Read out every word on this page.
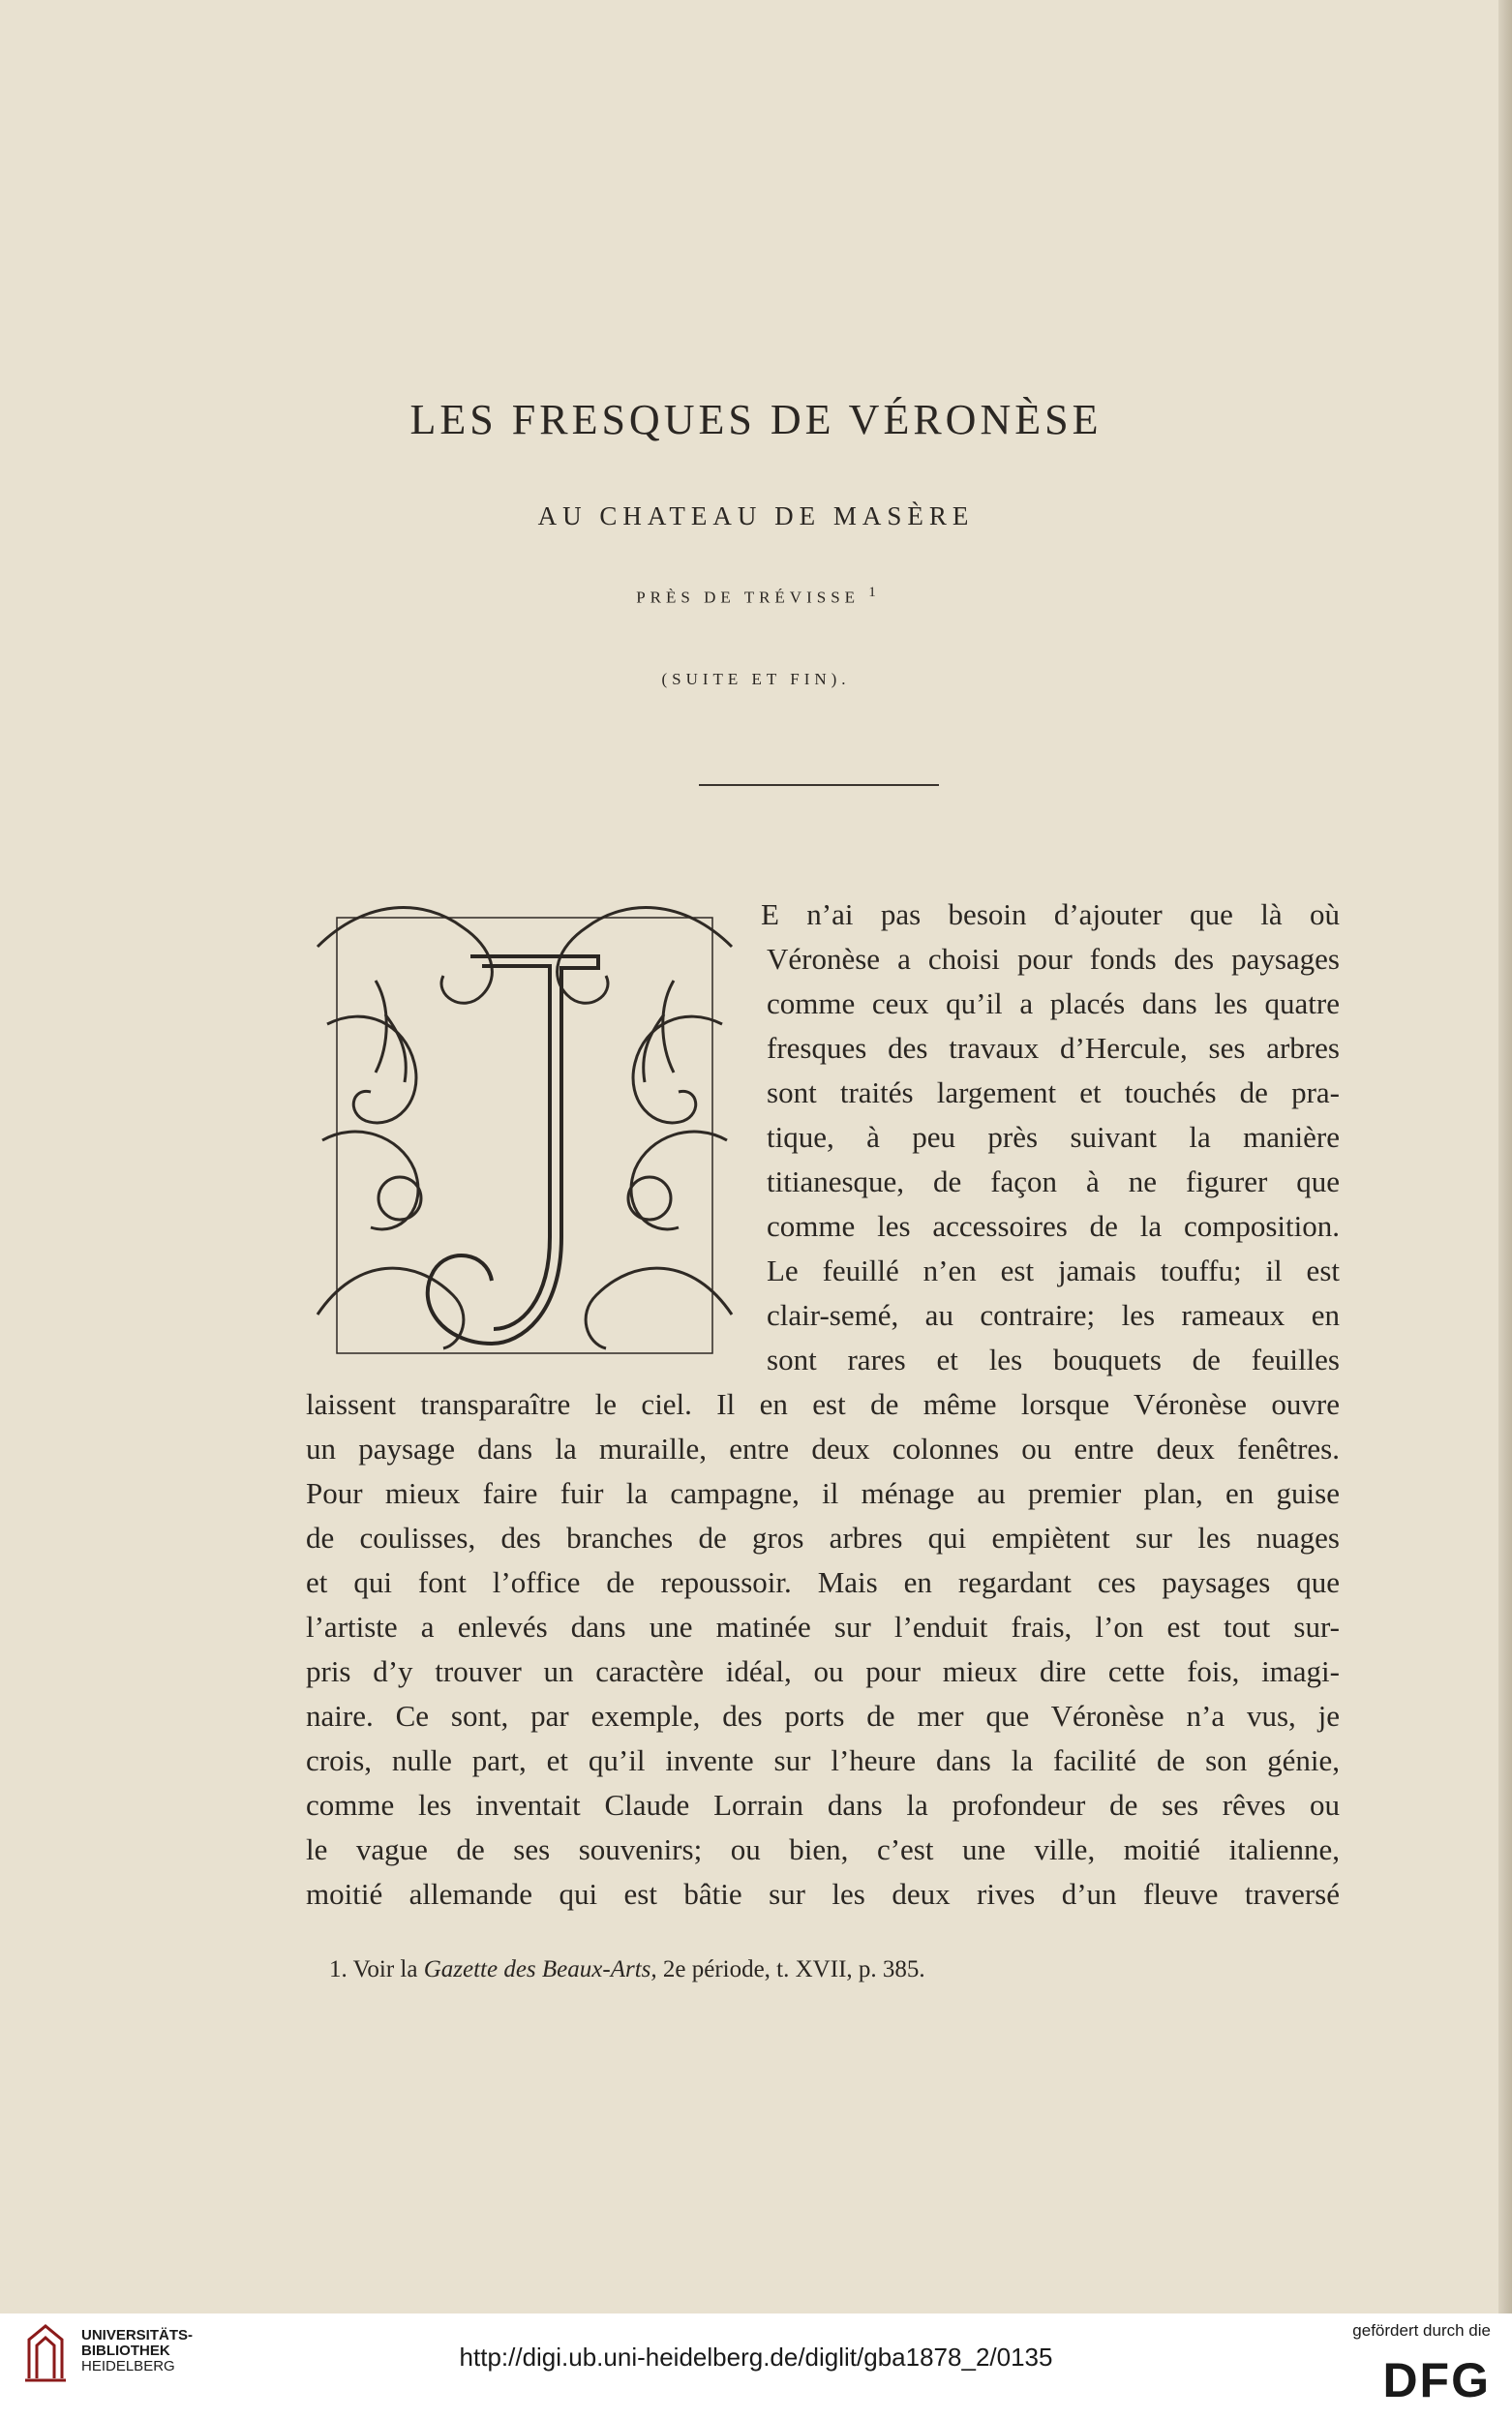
LES FRESQUES DE VÉRONÈSE
AU CHATEAU DE MASÈRE
PRÈS DE TRÉVISSE $^1$
(SUITE ET FIN).
E n’ai pas besoin d’ajouter que là où
Véronèse a choisi pour fonds des paysages
comme ceux qu’il a placés dans les quatre
fresques des travaux d’Hercule, ses arbres
sont traités largement et touchés de pra-
tique, à peu près suivant la manière
titianesque, de façon à ne figurer que
comme les accessoires de la composition.
Le feuillé n’en est jamais touffu; il est
clair-semé, au contraire; les rameaux en
sont rares et les bouquets de feuilles
laissent transparaître le ciel. Il en est de même lorsque Véronèse ouvre
un paysage dans la muraille, entre deux colonnes ou entre deux fenêtres.
Pour mieux faire fuir la campagne, il ménage au premier plan, en guise
de coulisses, des branches de gros arbres qui empiètent sur les nuages
et qui font l’office de repoussoir. Mais en regardant ces paysages que
l’artiste a enlevés dans une matinée sur l’enduit frais, l’on est tout sur-
pris d’y trouver un caractère idéal, ou pour mieux dire cette fois, imagi-
naire. Ce sont, par exemple, des ports de mer que Véronèse n’a vus, je
crois, nulle part, et qu’il invente sur l’heure dans la facilité de son génie,
comme les inventait Claude Lorrain dans la profondeur de ses rêves ou
le vague de ses souvenirs; ou bien, c’est une ville, moitié italienne,
moitié allemande qui est bâtie sur les deux rives d’un fleuve traversé
1. Voir la Gazette des Beaux-Arts, 2e période, t. XVII, p. 385.
UNIVERSITÄTS-
BIBLIOTHEK
HEIDELBERG	http://digi.ub.uni-heidelberg.de/diglit/gba1878_2/0135
gefördert durch die
DFG
